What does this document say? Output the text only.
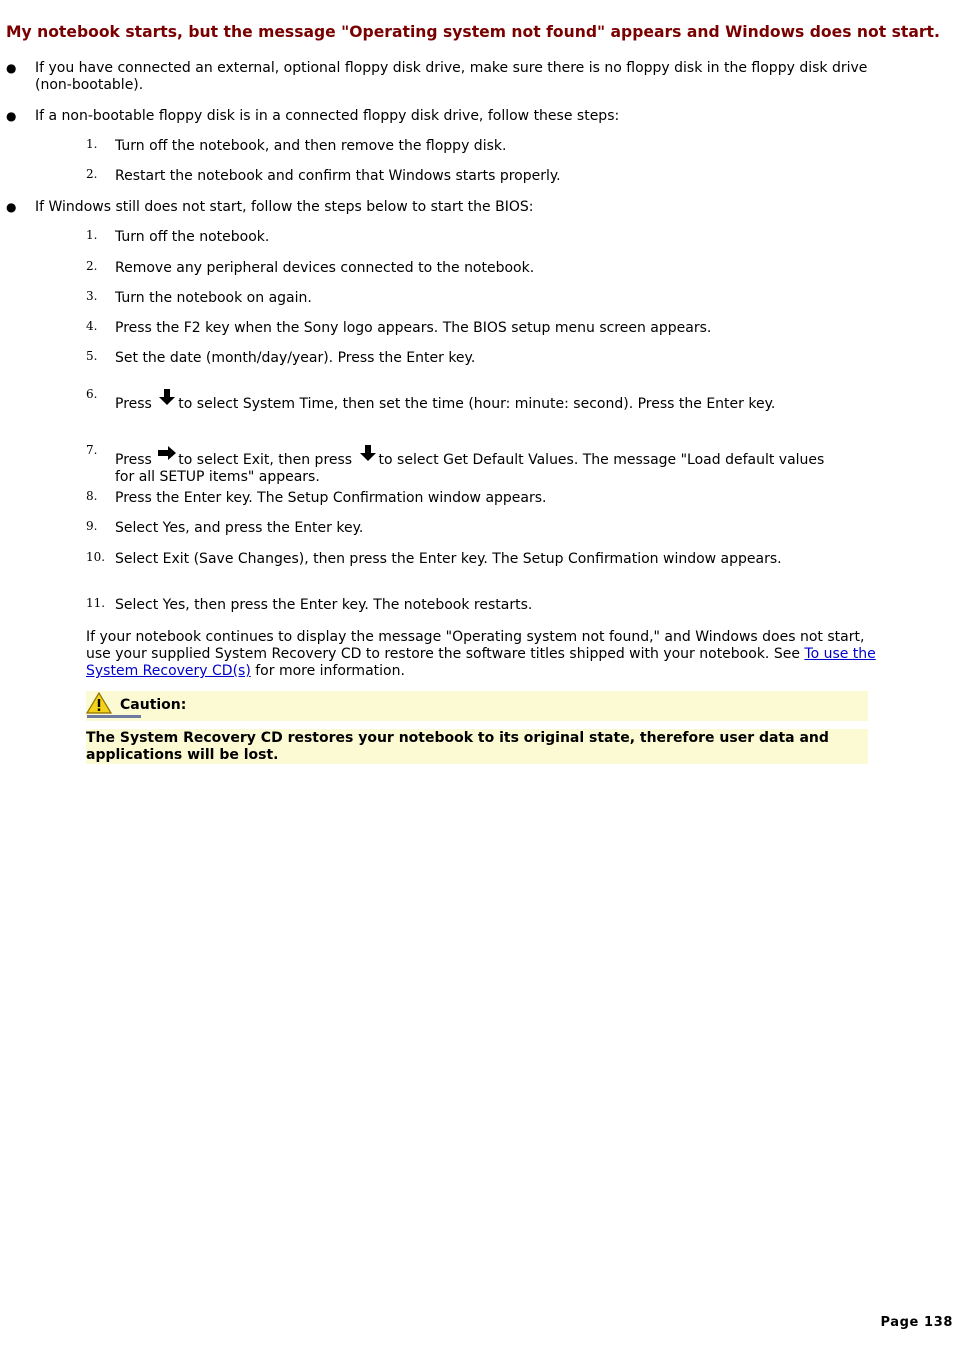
My notebook starts, but the message "Operating system not found" appears and Windows does not start.
● If you have connected an external, optional floppy disk drive, make sure there is no floppy disk in the floppy disk drive (non-bootable).
● If a non-bootable floppy disk is in a connected floppy disk drive, follow these steps:
1. Turn off the notebook, and then remove the floppy disk.
2. Restart the notebook and confirm that Windows starts properly.
● If Windows still does not start, follow the steps below to start the BIOS:
1. Turn off the notebook.
2. Remove any peripheral devices connected to the notebook.
3. Turn the notebook on again.
4. Press the F2 key when the Sony logo appears. The BIOS setup menu screen appears.
5. Set the date (month/day/year). Press the Enter key.
6.
Press to select System Time, then set the time (hour: minute: second). Press the Enter key.
7.
Press to select Exit, then press to select Get Default Values. The message "Load default values for all SETUP items" appears.
8. Press the Enter key. The Setup Confirmation window appears.
9. Select Yes, and press the Enter key.
10. Select Exit (Save Changes), then press the Enter key. The Setup Confirmation window appears.
11. Select Yes, then press the Enter key. The notebook restarts.
If your notebook continues to display the message "Operating system not found," and Windows does not start, use your supplied System Recovery CD to restore the software titles shipped with your notebook. See To use the System Recovery CD(s) for more information.
Caution:
The System Recovery CD restores your notebook to its original state, therefore user data and applications will be lost.
Page 138
